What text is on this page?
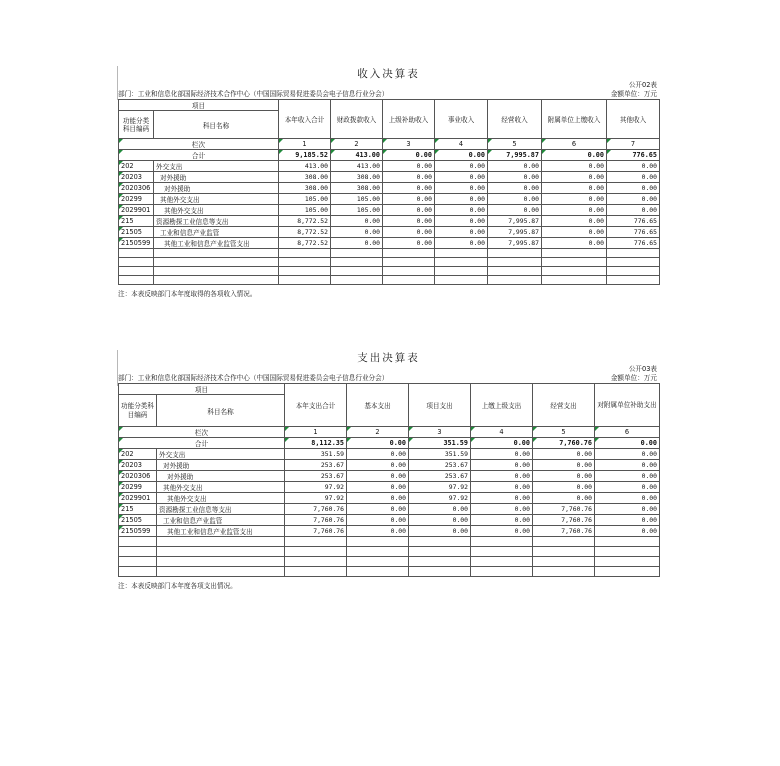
收入决算表
公开02表
部门：工业和信息化部国际经济技术合作中心（中国国际贸易促进委员会电子信息行业分会）	金额单位：万元
项目		本年收入合计	财政拨款收入	上级补助收入	事业收入	经营收入	附属单位上缴收入	其他收入
功能分类科目编码	科目名称							

栏次		1	2	3	4	5	6	7
合计		9,185.52	413.00	0.00	0.00	7,995.87	0.00	776.65
202	外交支出	413.00	413.00	0.00	0.00	0.00	0.00	0.00
20203	对外援助	308.00	308.00	0.00	0.00	0.00	0.00	0.00
2020306	对外援助	308.00	308.00	0.00	0.00	0.00	0.00	0.00
20299	其他外交支出	105.00	105.00	0.00	0.00	0.00	0.00	0.00
2029901	其他外交支出	105.00	105.00	0.00	0.00	0.00	0.00	0.00
215	资源勘探工业信息等支出	8,772.52	0.00	0.00	0.00	7,995.87	0.00	776.65
21505	工业和信息产业监管	8,772.52	0.00	0.00	0.00	7,995.87	0.00	776.65
2150599	其他工业和信息产业监管支出	8,772.52	0.00	0.00	0.00	7,995.87	0.00	776.65

注：本表反映部门本年度取得的各项收入情况。
支出决算表
公开03表
部门：工业和信息化部国际经济技术合作中心（中国国际贸易促进委员会电子信息行业分会）	金额单位：万元
项目		本年支出合计	基本支出	项目支出	上缴上级支出	经营支出	对附属单位补助支出
功能分类科目编码	科目名称						

栏次		1	2	3	4	5	6
合计		8,112.35	0.00	351.59	0.00	7,760.76	0.00
202	外交支出	351.59	0.00	351.59	0.00	0.00	0.00
20203	对外援助	253.67	0.00	253.67	0.00	0.00	0.00
2020306	对外援助	253.67	0.00	253.67	0.00	0.00	0.00
20299	其他外交支出	97.92	0.00	97.92	0.00	0.00	0.00
2029901	其他外交支出	97.92	0.00	97.92	0.00	0.00	0.00
215	资源勘探工业信息等支出	7,760.76	0.00	0.00	0.00	7,760.76	0.00
21505	工业和信息产业监管	7,760.76	0.00	0.00	0.00	7,760.76	0.00
2150599	其他工业和信息产业监管支出	7,760.76	0.00	0.00	0.00	7,760.76	0.00

注：本表反映部门本年度各项支出情况。
